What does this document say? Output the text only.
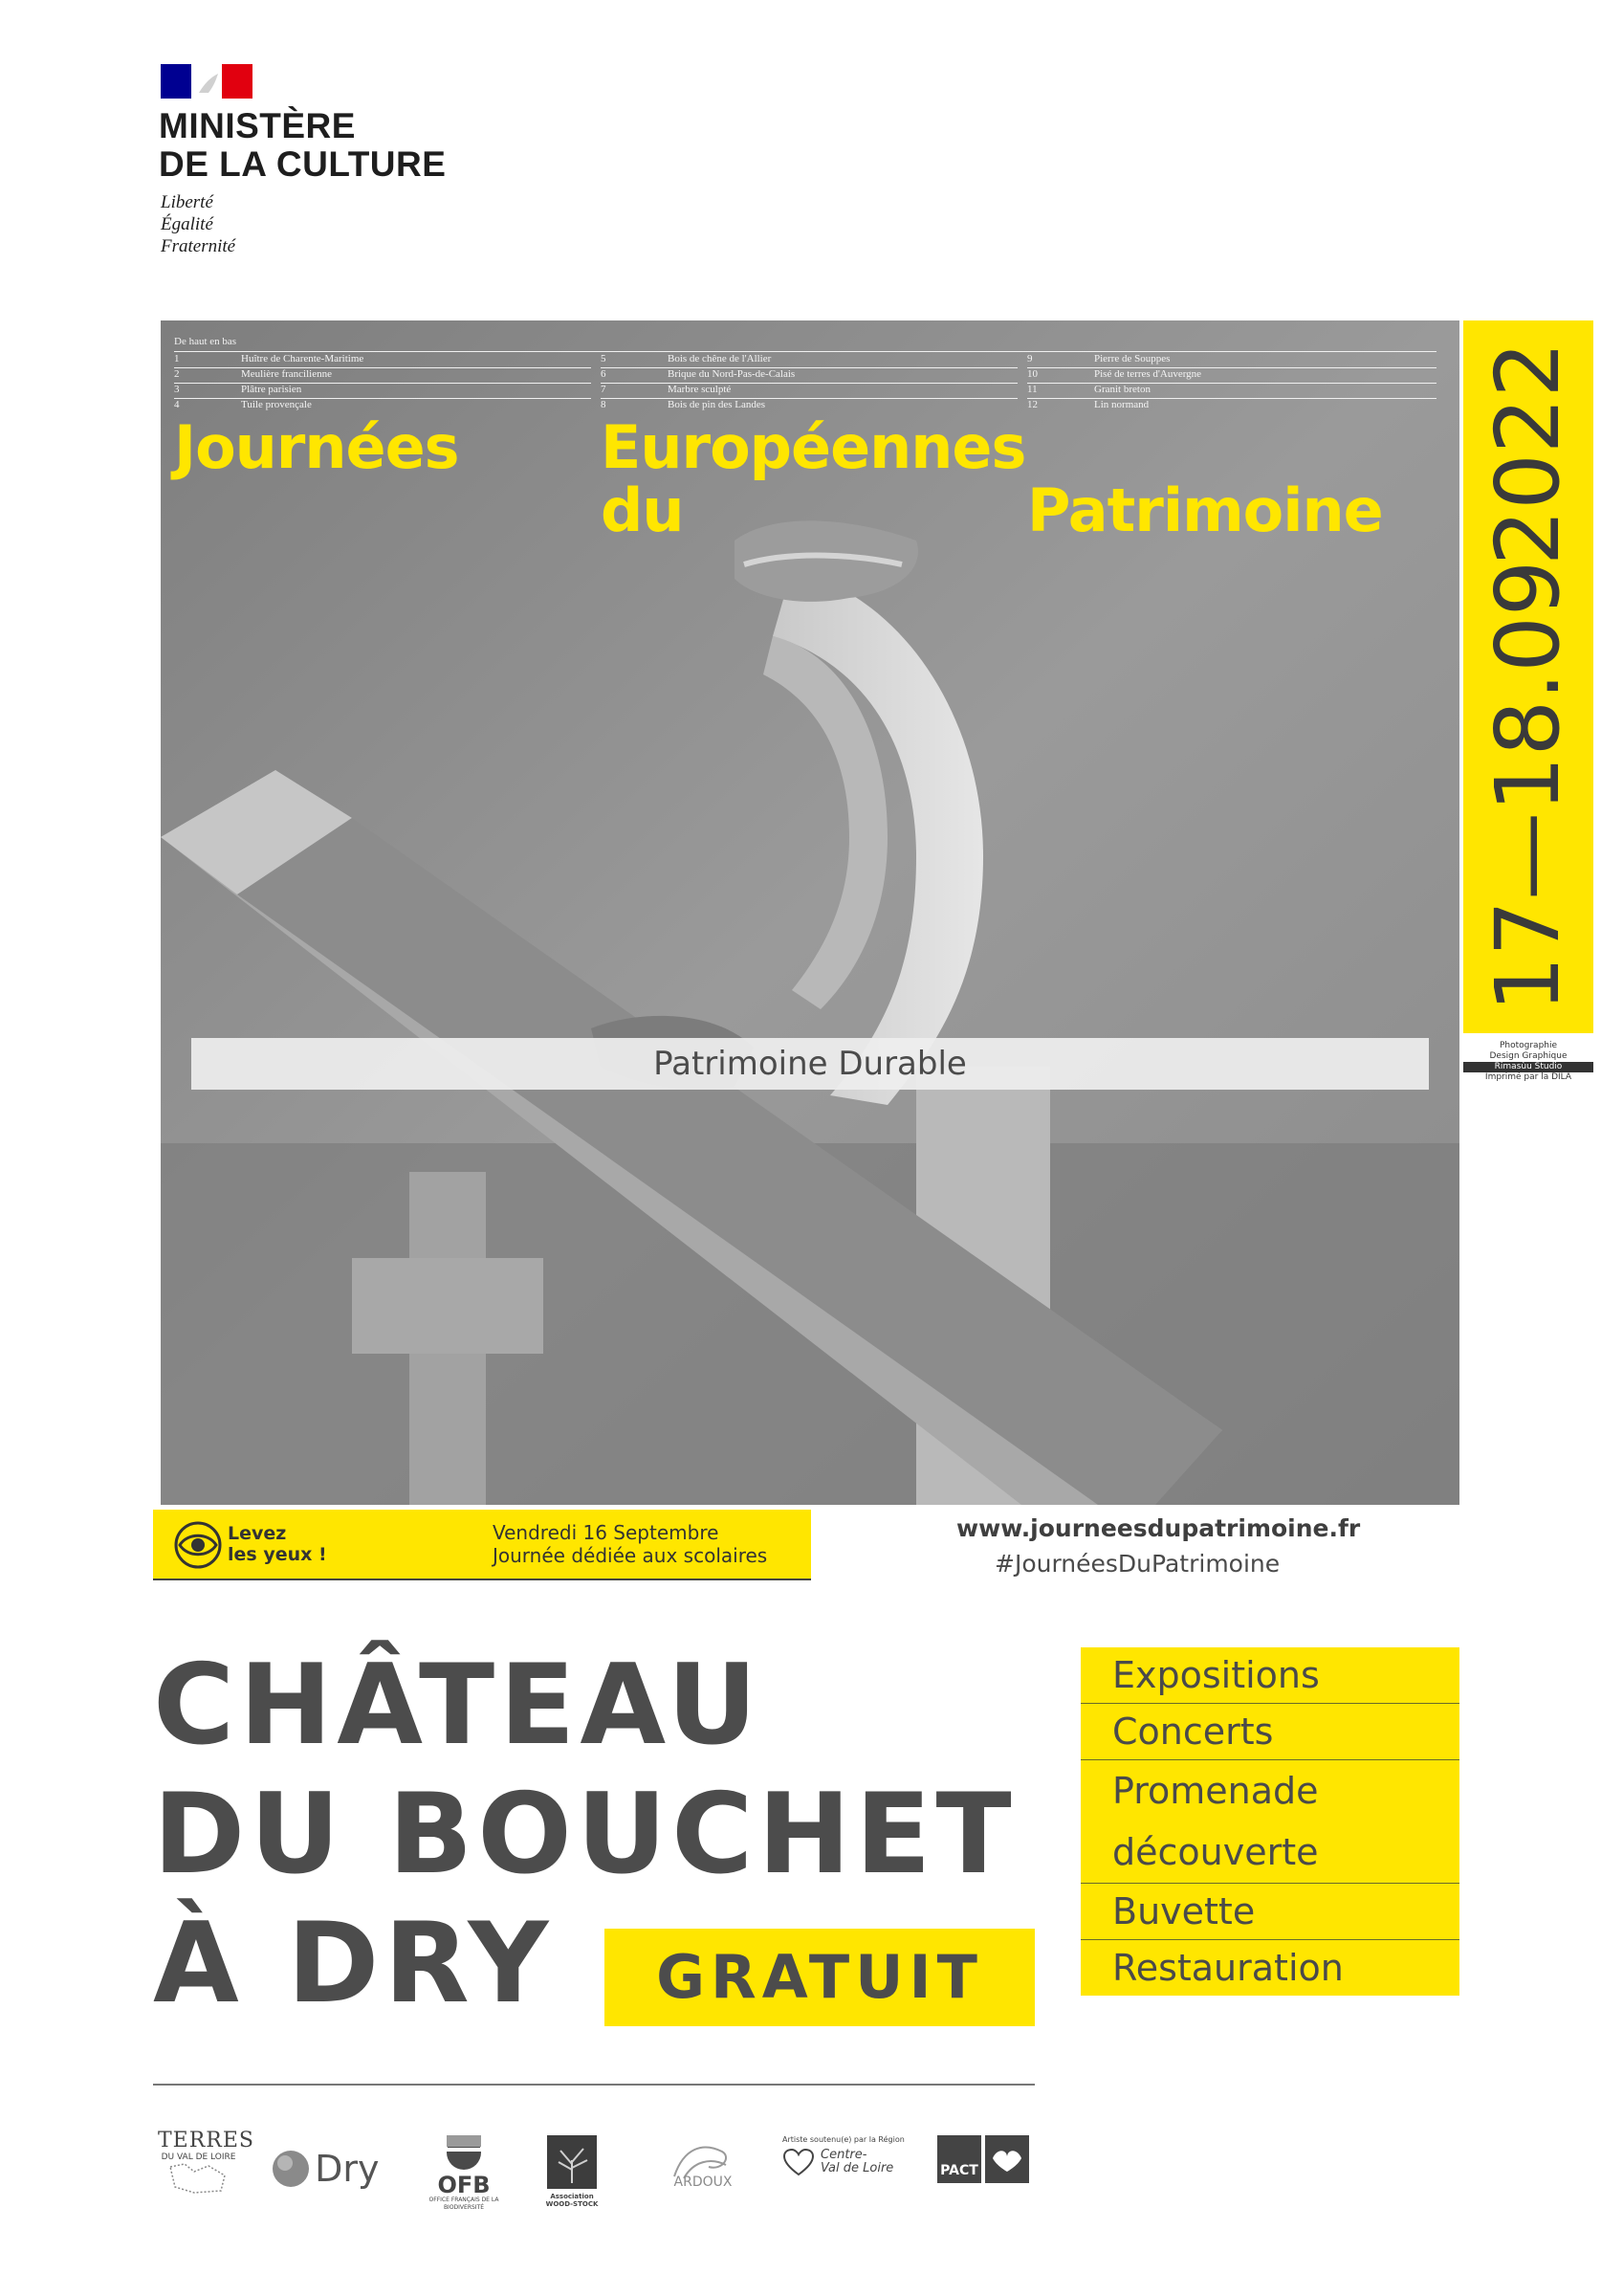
MINISTÈRE
DE LA CULTURE
Liberté
Égalité
Fraternité
De haut en bas
1	Huître de Charente-Maritime
2	Meulière francilienne
3	Plâtre parisien
4	Tuile provençale
5	Bois de chêne de l'Allier
6	Brique du Nord-Pas-de-Calais
7	Marbre sculpté
8	Bois de pin des Landes
9	Pierre de Souppes
10	Pisé de terres d'Auvergne
11	Granit breton
12	Lin normand
Journées Européennes
du	Patrimoine
Patrimoine Durable
17—18.09
2022
Photographie
Design Graphique
Rimasùu Studio
Imprimé par la DILA
Levez
les yeux !
Vendredi 16 Septembre
Journée dédiée aux scolaires
www.journeesdupatrimoine.fr
#JournéesDuPatrimoine
CHÂTEAU
DU BOUCHET
À DRY	GRATUIT
Expositions
Concerts
Promenade
découverte
Buvette
Restauration
TERRES
DU VAL DE LOIRE	Dry	OFB
OFFICE FRANÇAIS DE LA BIODIVERSITÉ
Association WOOD-STOCK
ARDOUX
Artiste soutenu(e) par la Région
Centre-
Val de Loire	PACT
